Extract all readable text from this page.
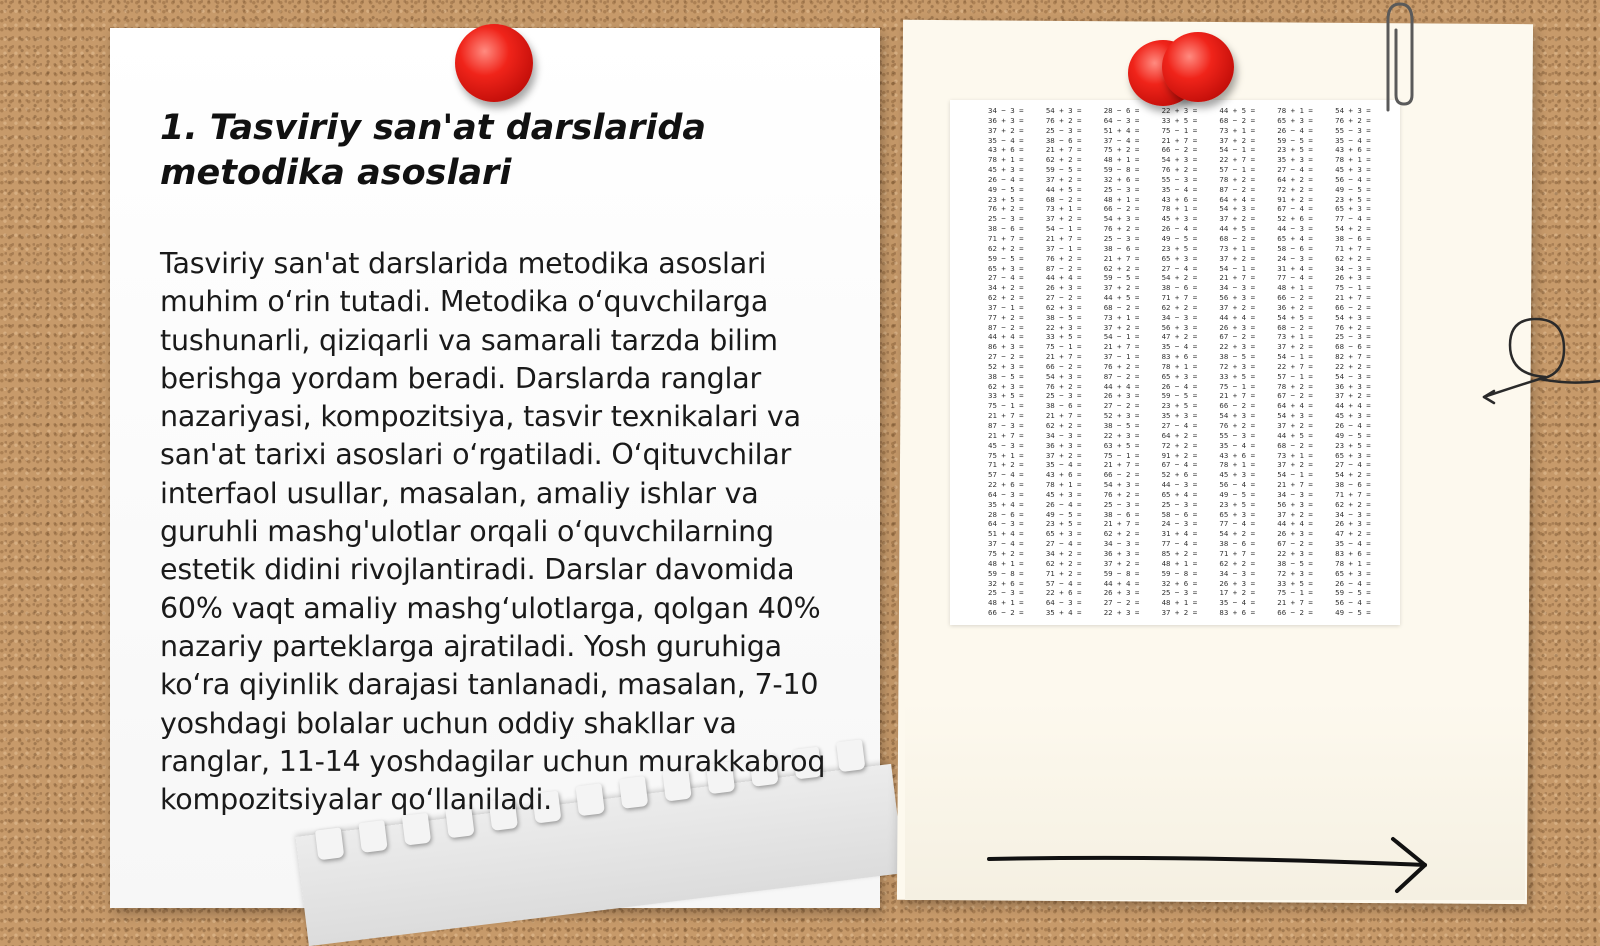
1. Tasviriy san'at darslarida metodika asoslari

Tasviriy san'at darslarida metodika asoslari muhim o‘rin tutadi. Metodika o‘quvchilarga tushunarli, qiziqarli va samarali tarzda bilim berishga yordam beradi. Darslarda ranglar nazariyasi, kompozitsiya, tasvir texnikalari va san'at tarixi asoslari o‘rgatiladi. O‘qituvchilar interfaol usullar, masalan, amaliy ishlar va guruhli mashg'ulotlar orqali o‘quvchilarning estetik didini rivojlantiradi. Darslar davomida 60% vaqt amaliy mashg‘ulotlarga, qolgan 40% nazariy parteklarga ajratiladi. Yosh guruhiga ko‘ra qiyinlik darajasi tanlanadi, masalan, 7-10 yoshdagi bolalar uchun oddiy shakllar va ranglar, 11-14 yoshdagilar uchun murakkabroq kompozitsiyalar qo‘llaniladi.

34 − 3 =
36 + 3 =
37 + 2 =
35 − 4 =
43 + 6 =
78 + 1 =
45 + 3 =
26 − 4 =
49 − 5 =
23 + 5 =
76 + 2 =
25 − 3 =
38 − 6 =
71 + 7 =
62 + 2 =
59 − 5 =
65 + 3 =
27 − 4 =
34 + 2 =
62 + 2 =
37 − 1 =
77 + 2 =
87 − 2 =
44 + 4 =
86 + 3 =
27 − 2 =
52 + 3 =
38 − 5 =
62 + 3 =
33 + 5 =
75 − 1 =
21 + 7 =
87 − 3 =
21 + 7 =
45 − 3 =
75 + 1 =
71 + 2 =
57 − 4 =
22 + 6 =
64 − 3 =
35 + 4 =
28 − 6 =
64 − 3 =
51 + 4 =
37 − 4 =
75 + 2 =
48 + 1 =
59 − 8 =
32 + 6 =
25 − 3 =
48 + 1 =
66 − 2 =
54 + 3 =
76 + 2 =
25 − 3 =
38 − 6 =
21 + 7 =
62 + 2 =
59 − 5 =
37 + 2 =
44 + 5 =
68 − 2 =
73 + 1 =
37 + 2 =
54 − 1 =
21 + 7 =
37 − 1 =
76 + 2 =
87 − 2 =
44 + 4 =
26 + 3 =
27 − 2 =
62 + 3 =
38 − 5 =
22 + 3 =
33 + 5 =
75 − 1 =
21 + 7 =
66 − 2 =
54 + 3 =
76 + 2 =
25 − 3 =
38 − 6 =
21 + 7 =
62 + 2 =
34 − 3 =
36 + 3 =
37 + 2 =
35 − 4 =
43 + 6 =
78 + 1 =
45 + 3 =
26 − 4 =
49 − 5 =
23 + 5 =
65 + 3 =
27 − 4 =
34 + 2 =
62 + 2 =
71 + 2 =
57 − 4 =
22 + 6 =
64 − 3 =
35 + 4 =
28 − 6 =
64 − 3 =
51 + 4 =
37 − 4 =
75 + 2 =
48 + 1 =
59 − 8 =
32 + 6 =
25 − 3 =
48 + 1 =
66 − 2 =
54 + 3 =
76 + 2 =
25 − 3 =
38 − 6 =
21 + 7 =
62 + 2 =
59 − 5 =
37 + 2 =
44 + 5 =
68 − 2 =
73 + 1 =
37 + 2 =
54 − 1 =
21 + 7 =
37 − 1 =
76 + 2 =
87 − 2 =
44 + 4 =
26 + 3 =
27 − 2 =
52 + 3 =
38 − 5 =
22 + 3 =
63 + 5 =
75 − 1 =
21 + 7 =
66 − 2 =
54 + 3 =
76 + 2 =
25 − 3 =
38 − 6 =
21 + 7 =
62 + 2 =
34 − 3 =
36 + 3 =
37 + 2 =
59 − 8 =
44 + 4 =
26 + 3 =
27 − 2 =
22 + 3 =
22 + 3 =
33 + 5 =
75 − 1 =
21 + 7 =
66 − 2 =
54 + 3 =
76 + 2 =
55 − 3 =
35 − 4 =
43 + 6 =
78 + 1 =
45 + 3 =
26 − 4 =
49 − 5 =
23 + 5 =
65 + 3 =
27 − 4 =
54 + 2 =
38 − 6 =
71 + 7 =
62 + 2 =
34 − 3 =
56 + 3 =
47 + 2 =
35 − 4 =
83 + 6 =
78 + 1 =
65 + 3 =
26 − 4 =
59 − 5 =
23 + 5 =
35 + 3 =
27 − 4 =
64 + 2 =
72 + 2 =
91 + 2 =
67 − 4 =
52 + 6 =
44 − 3 =
65 + 4 =
25 − 3 =
58 − 6 =
24 − 3 =
31 + 4 =
77 − 4 =
85 + 2 =
48 + 1 =
59 − 8 =
32 + 6 =
25 − 3 =
48 + 1 =
37 + 2 =
44 + 5 =
68 − 2 =
73 + 1 =
37 + 2 =
54 − 1 =
22 + 7 =
57 − 1 =
78 + 2 =
87 − 2 =
64 + 4 =
54 + 3 =
37 + 2 =
44 + 5 =
68 − 2 =
73 + 1 =
37 + 2 =
54 − 1 =
21 + 7 =
34 − 3 =
56 + 3 =
37 + 2 =
44 + 4 =
26 + 3 =
67 − 2 =
22 + 3 =
38 − 5 =
72 + 3 =
33 + 5 =
75 − 1 =
21 + 7 =
66 − 2 =
54 + 3 =
76 + 2 =
55 − 3 =
35 − 4 =
43 + 6 =
78 + 1 =
45 + 3 =
56 − 4 =
49 − 5 =
23 + 5 =
65 + 3 =
77 − 4 =
54 + 2 =
38 − 6 =
71 + 7 =
62 + 2 =
34 − 3 =
26 + 3 =
17 + 2 =
35 − 4 =
83 + 6 =
78 + 1 =
65 + 3 =
26 − 4 =
59 − 5 =
23 + 5 =
35 + 3 =
27 − 4 =
64 + 2 =
72 + 2 =
91 + 2 =
67 − 4 =
52 + 6 =
44 − 3 =
65 + 4 =
58 − 6 =
24 − 3 =
31 + 4 =
77 − 4 =
48 + 1 =
66 − 2 =
36 + 2 =
54 + 5 =
68 − 2 =
73 + 1 =
37 + 2 =
54 − 1 =
22 + 7 =
57 − 1 =
78 + 2 =
67 − 2 =
64 + 4 =
54 + 3 =
37 + 2 =
44 + 5 =
68 − 2 =
73 + 1 =
37 + 2 =
54 − 1 =
21 + 7 =
34 − 3 =
56 + 3 =
37 + 2 =
44 + 4 =
26 + 3 =
67 − 2 =
22 + 3 =
38 − 5 =
72 + 3 =
33 + 5 =
75 − 1 =
21 + 7 =
66 − 2 =
54 + 3 =
76 + 2 =
55 − 3 =
35 − 4 =
43 + 6 =
78 + 1 =
45 + 3 =
56 − 4 =
49 − 5 =
23 + 5 =
65 + 3 =
77 − 4 =
54 + 2 =
38 − 6 =
71 + 7 =
62 + 2 =
34 − 3 =
26 + 3 =
75 − 1 =
21 + 7 =
66 − 2 =
54 + 3 =
76 + 2 =
25 − 3 =
68 − 6 =
82 + 7 =
22 + 2 =
54 − 3 =
36 + 3 =
37 + 2 =
44 + 4 =
45 + 3 =
26 − 4 =
49 − 5 =
23 + 5 =
65 + 3 =
27 − 4 =
54 + 2 =
38 − 6 =
71 + 7 =
62 + 2 =
34 − 3 =
26 + 3 =
47 + 2 =
35 − 4 =
83 + 6 =
78 + 1 =
65 + 3 =
26 − 4 =
59 − 5 =
56 − 4 =
49 − 5 =
